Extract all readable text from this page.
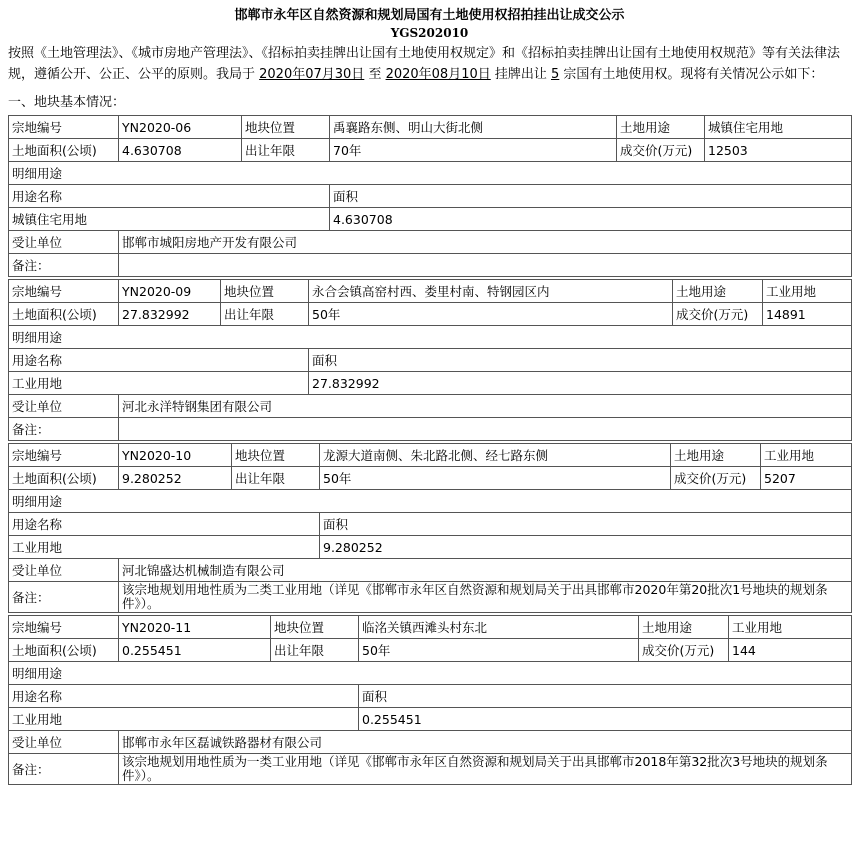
邯郸市永年区自然资源和规划局国有土地使用权招拍挂出让成交公示
YGS202010
按照《土地管理法》、《城市房地产管理法》、《招标拍卖挂牌出让国有土地使用权规定》和《招标拍卖挂牌出让国有土地使用权规范》等有关法律法规，遵循公开、公正、公平的原则。我局于 2020年07月30日 至 2020年08月10日 挂牌出让 5 宗国有土地使用权。现将有关情况公示如下：
一、地块基本情况：
宗地编号	YN2020-06	地块位置	禹襄路东侧、明山大街北侧	土地用途	城镇住宅用地
土地面积(公顷)	4.630708	出让年限	70年	成交价(万元)	12503
明细用途					
用途名称			面积		
城镇住宅用地			4.630708		
受让单位	邯郸市城阳房地产开发有限公司				
备注：					
宗地编号	YN2020-09	地块位置	永合会镇高窑村西、娄里村南、特钢园区内	土地用途	工业用地
土地面积(公顷)	27.832992	出让年限	50年	成交价(万元)	14891
明细用途					
用途名称			面积		
工业用地			27.832992		
受让单位	河北永洋特钢集团有限公司				
备注：					
宗地编号	YN2020-10	地块位置	龙源大道南侧、朱北路北侧、经七路东侧	土地用途	工业用地
土地面积(公顷)	9.280252	出让年限	50年	成交价(万元)	5207
明细用途					
用途名称			面积		
工业用地			9.280252		
受让单位	河北锦盛达机械制造有限公司				
备注：	该宗地规划用地性质为二类工业用地（详见《邯郸市永年区自然资源和规划局关于出具邯郸市2020年第20批次1号地块的规划条件》）。				
宗地编号	YN2020-11	地块位置	临洺关镇西滩头村东北	土地用途	工业用地
土地面积(公顷)	0.255451	出让年限	50年	成交价(万元)	144
明细用途					
用途名称			面积		
工业用地			0.255451		
受让单位	邯郸市永年区磊诚铁路器材有限公司				
备注：	该宗地规划用地性质为一类工业用地（详见《邯郸市永年区自然资源和规划局关于出具邯郸市2018年第32批次3号地块的规划条件》）。				
